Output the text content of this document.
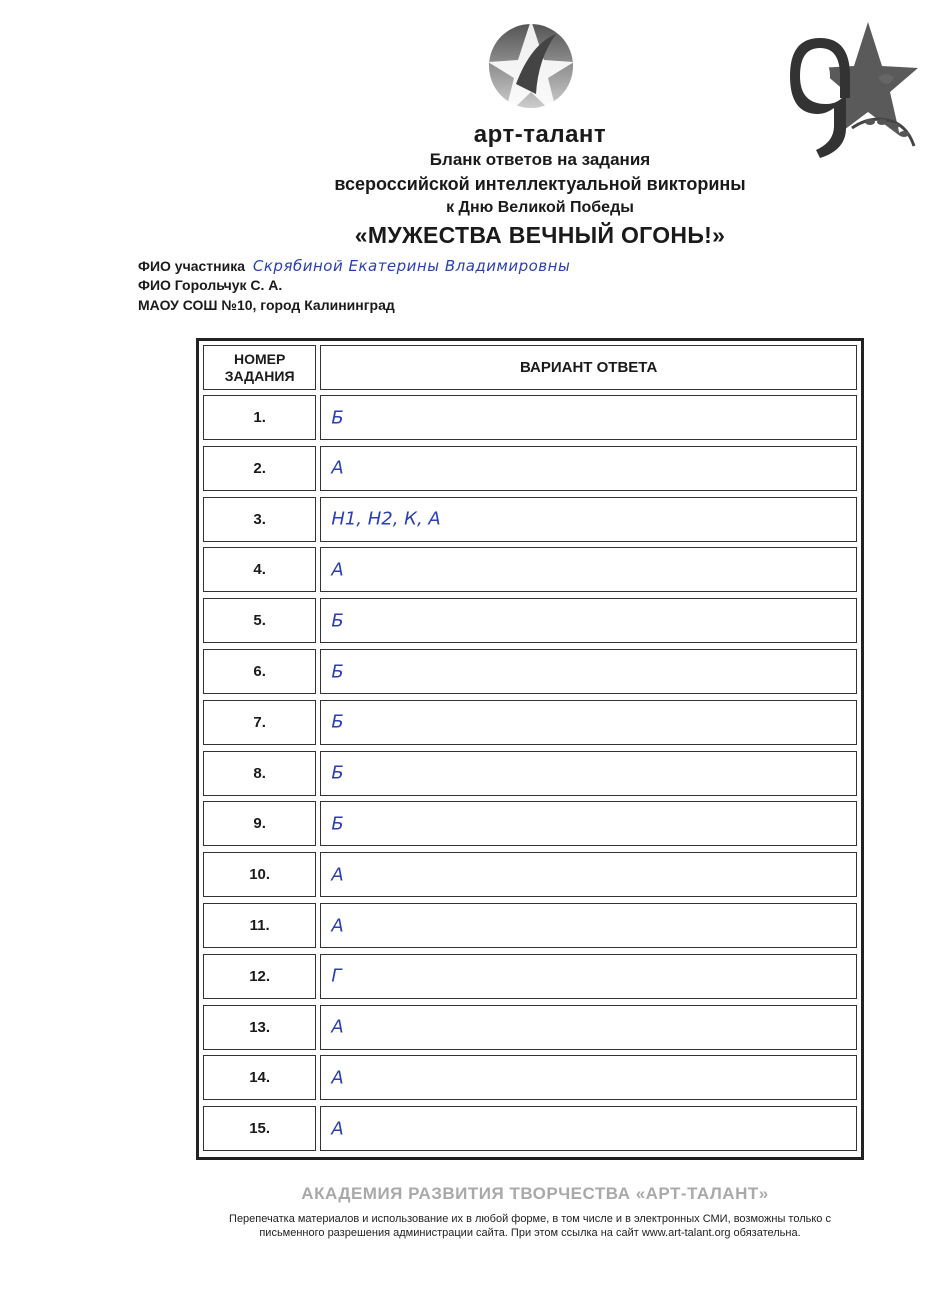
арт-талант
Бланк ответов на задания
всероссийской интеллектуальной викторины
к Дню Великой Победы
«МУЖЕСТВА ВЕЧНЫЙ ОГОНЬ!»
ФИО участника Скрябиной Екатерины Владимировны
ФИО Горольчук С. А.
МАОУ СОШ №10, город Калининград
НОМЕР
ЗАДАНИЯ	ВАРИАНТ ОТВЕТА
1.	Б
2.	А
3.	Н1, Н2, К, А
4.	А
5.	Б
6.	Б
7.	Б
8.	Б
9.	Б
10.	А
11.	А
12.	Г
13.	А
14.	А
15.	А
АКАДЕМИЯ РАЗВИТИЯ ТВОРЧЕСТВА «АРТ-ТАЛАНТ»
Перепечатка материалов и использование их в любой форме, в том числе и в электронных СМИ, возможны только с
письменного разрешения администрации сайта. При этом ссылка на сайт www.art-talant.org обязательна.
